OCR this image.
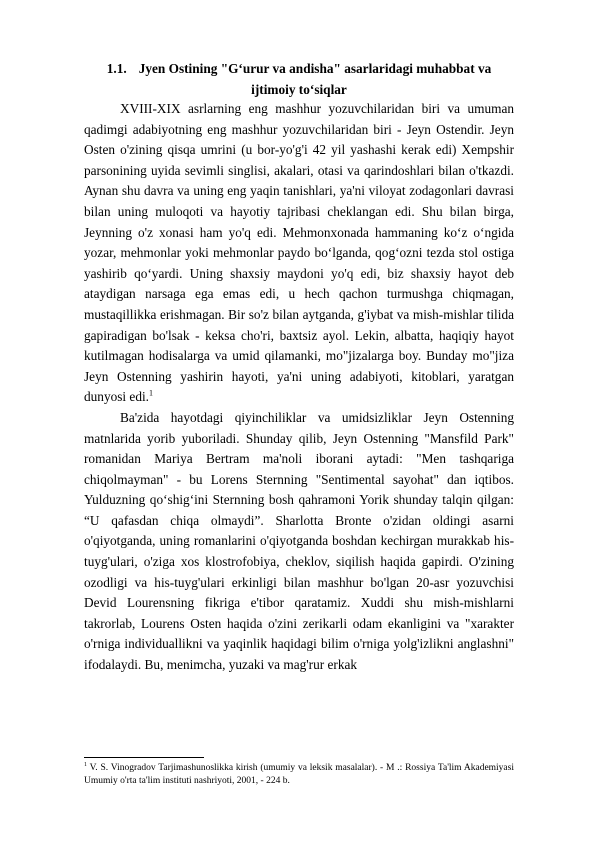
1.1. Jyen Ostining "G‘urur va andisha" asarlaridagi muhabbat va ijtimoiy to‘siqlar

XVIII-XIX asrlarning eng mashhur yozuvchilaridan biri va umuman qadimgi adabiyotning eng mashhur yozuvchilaridan biri - Jeyn Ostendir. Jeyn Osten o'zining qisqa umrini (u bor-yo'g'i 42 yil yashashi kerak edi) Xempshir parsonining uyida sevimli singlisi, akalari, otasi va qarindoshlari bilan o'tkazdi. Aynan shu davra va uning eng yaqin tanishlari, ya'ni viloyat zodagonlari davrasi bilan uning muloqoti va hayotiy tajribasi cheklangan edi. Shu bilan birga, Jeynning o'z xonasi ham yo'q edi. Mehmonxonada hammaning ko‘z o‘ngida yozar, mehmonlar yoki mehmonlar paydo bo‘lganda, qog‘ozni tezda stol ostiga yashirib qo‘yardi. Uning shaxsiy maydoni yo'q edi, biz shaxsiy hayot deb ataydigan narsaga ega emas edi, u hech qachon turmushga chiqmagan, mustaqillikka erishmagan. Bir so'z bilan aytganda, g'iybat va mish-mishlar tilida gapiradigan bo'lsak - keksa cho'ri, baxtsiz ayol. Lekin, albatta, haqiqiy hayot kutilmagan hodisalarga va umid qilamanki, mo"jizalarga boy. Bunday mo"jiza Jeyn Ostenning yashirin hayoti, ya'ni uning adabiyoti, kitoblari, yaratgan dunyosi edi.$^1$

Ba'zida hayotdagi qiyinchiliklar va umidsizliklar Jeyn Ostenning matnlarida yorib yuboriladi. Shunday qilib, Jeyn Ostenning "Mansfild Park" romanidan Mariya Bertram ma'noli iborani aytadi: "Men tashqariga chiqolmayman" - bu Lorens Sternning "Sentimental sayohat" dan iqtibos. Yulduzning qo‘shig‘ini Sternning bosh qahramoni Yorik shunday talqin qilgan: “U qafasdan chiqa olmaydi”. Sharlotta Bronte o'zidan oldingi asarni o'qiyotganda, uning romanlarini o'qiyotganda boshdan kechirgan murakkab his-tuyg'ulari, o'ziga xos klostrofobiya, cheklov, siqilish haqida gapirdi. O'zining ozodligi va his-tuyg'ulari erkinligi bilan mashhur bo'lgan 20-asr yozuvchisi Devid Lourensning fikriga e'tibor qaratamiz. Xuddi shu mish-mishlarni takrorlab, Lourens Osten haqida o'zini zerikarli odam ekanligini va "xarakter o'rniga individuallikni va yaqinlik haqidagi bilim o'rniga yolg'izlikni anglashni" ifodalaydi. Bu, menimcha, yuzaki va mag'rur erkak

$^1$ V. S. Vinogradov Tarjimashunoslikka kirish (umumiy va leksik masalalar). - M .: Rossiya Ta'lim Akademiyasi Umumiy o'rta ta'lim instituti nashriyoti, 2001, - 224 b.
